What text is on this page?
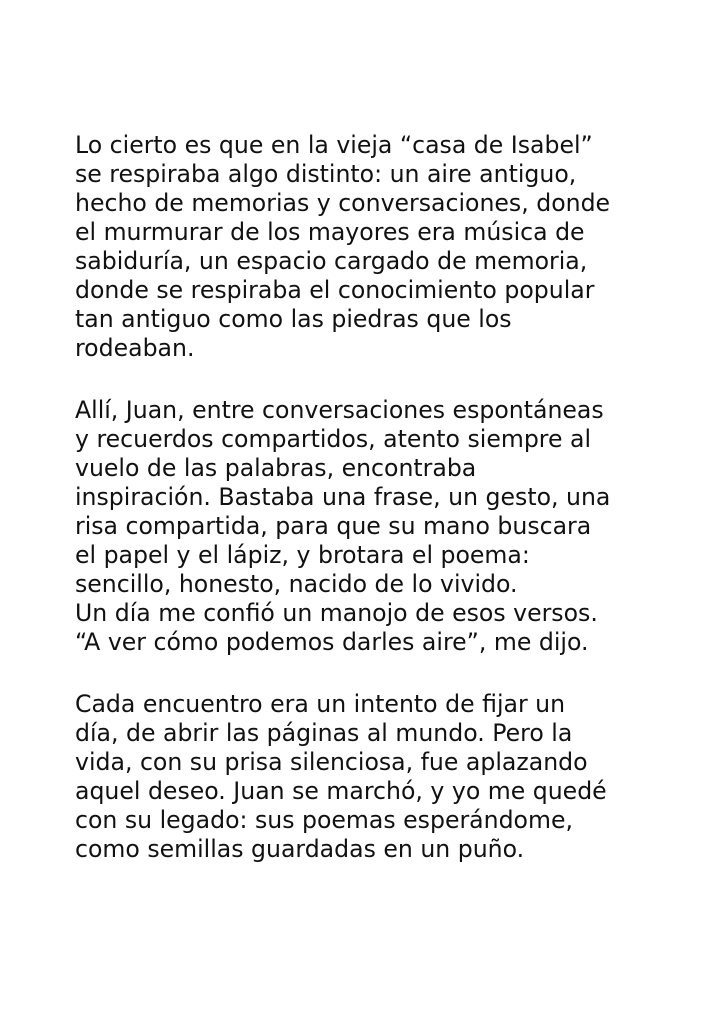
Lo cierto es que en la vieja “casa de Isabel”
se respiraba algo distinto: un aire antiguo,
hecho de memorias y conversaciones, donde
el murmurar de los mayores era música de
sabiduría, un espacio cargado de memoria,
donde se respiraba el conocimiento popular
tan antiguo como las piedras que los
rodeaban.
Allí, Juan, entre conversaciones espontáneas
y recuerdos compartidos, atento siempre al
vuelo de las palabras, encontraba
inspiración. Bastaba una frase, un gesto, una
risa compartida, para que su mano buscara
el papel y el lápiz, y brotara el poema:
sencillo, honesto, nacido de lo vivido.
Un día me confió un manojo de esos versos.
“A ver cómo podemos darles aire”, me dijo.
Cada encuentro era un intento de fijar un
día, de abrir las páginas al mundo. Pero la
vida, con su prisa silenciosa, fue aplazando
aquel deseo. Juan se marchó, y yo me quedé
con su legado: sus poemas esperándome,
como semillas guardadas en un puño.
